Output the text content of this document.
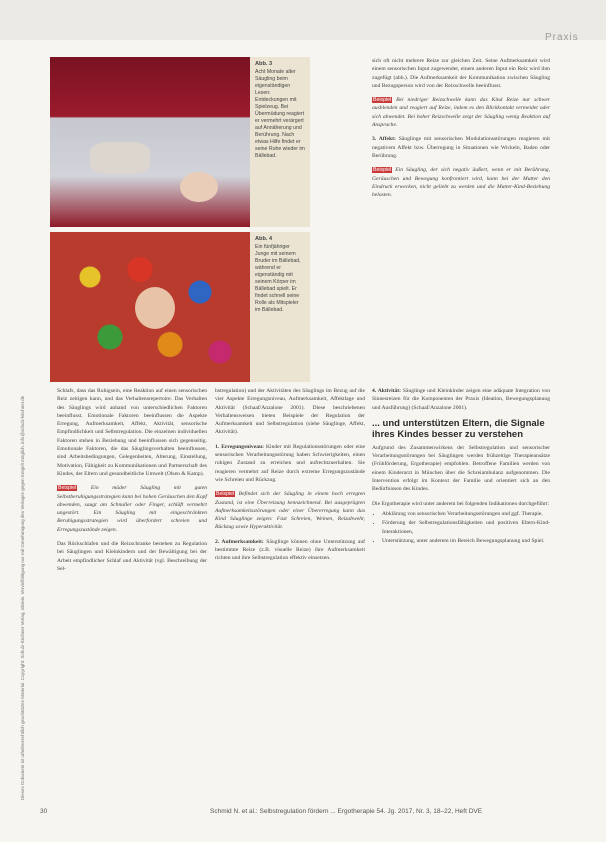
Praxis
Dieses Dokument ist urheberrechtlich geschütztes Material. Copyright: Schulz-Kirchner Verlag, Idstein. Vervielfältigung nur mit Genehmigung des Verlages gegen Entgelt möglich. info@schulz-kirchner.de
Abb. 3
Acht Monate alter Säugling beim eigenständigen Lesen: Entdeckungen mit Spielzeug. Bei Übermüdung reagiert er vermehrt verärgert auf Annäherung und Berührung. Nach etwas Hilfe findet er seine Ruhe wieder im Bällebad.
Abb. 4
Ein fünfjähriger Junge mit seinem Bruder im Bällebad, während er eigenständig mit seinem Körper im Bällebad spielt. Er findet schnell seine Rolle als Mitspieler im Bällebad.

Schlafs, dass das Ruhigsein, eine Reaktion auf einen sensorischen Reiz zeitigen kann, und das Verhaltensrepertoire. Das Verhalten des Säuglings wird anhand von unterschiedlichen Faktoren beeinflusst. Emotionale Faktoren beeinflussen die Aspekte Erregung, Aufmerksamkeit, Affekt, Aktivität, sensorische Empfindlichkeit und Selbstregulation. Die einzelnen individuellen Faktoren stehen in Beziehung und beeinflussen sich gegenseitig. Emotionale Faktoren, die das Säuglingsverhalten beeinflussen, sind Arbeitsbedingungen, Gelegenheiten, Alterung, Einstellung, Motivation, Fähigkeit zu Kommunikationen und Partnerschaft des Kindes, der Eltern und gesundheitliche Umwelt (Olsen & Kamp).

Beispiel	Ein müder Säugling mit guten Selbstberuhigungsstrategien kann bei hohen Geräuschen den Kopf abwenden, saugt am Schnuller oder Finger, schläft vermehrt ungestört. Ein Säugling mit eingeschränkten Beruhigungsstrategien wird überfordert schreien und Erregungszustände zeigen.

Das Rückschlafen und die Reizschranke bestehen zu Regulation bei Säuglingen und Kleinkindern und der Bewältigung bei der Arbeit empfindlicher Schlaf und Aktivität (vgl. Beschreibung der Sel-

bstregulation) und der Aktivitäten des Säuglings im Bezug auf die vier Aspekte Erregungsniveau, Aufmerksamkeit, Affektlage und Aktivität (Schaaf/Anzalone 2001). Diese beschriebenen Verhaltensweisen bieten Beispiele der Regulation der Aufmerksamkeit und Selbstregulation (siehe Säuglinge, Affekt, Aktivität).

1. Erregungsniveau: Kinder mit Regulationsstörungen oder eine sensorischen Verarbeitungsstörung haben Schwierigkeiten, einen ruhigen Zustand zu erreichen und aufrechtzuerhalten. Sie reagieren vermehrt auf Reize durch extreme Erregungszustände wie Schreien und Rückzug.

Beispiel Befindet sich der Säugling in einem hoch erregten Zustand, ist eine Überreizung kennzeichnend. Bei ausgeprägten Aufmerksamkeitsstörungen oder einer Übererregung kann das Kind Säuglinge zeigen: Fast Schreien, Weinen, Reizabwehr, Rückzug sowie Hyperaktivität.

2. Aufmerksamkeit: Säuglinge können ohne Unterstützung auf bestimmte Reize (z.B. visuelle Reize) ihre Aufmerksamkeit richten und ihre Selbstregulation effektiv einsetzen.

sich oft nicht mehrere Reize zur gleichen Zeit. Seine Aufmerksamkeit wird einem sensorischen Input zugewendet, einem anderen Input ein Reiz wird ihm zugefügt (abb.). Die Aufmerksamkeit der Kommunikation zwischen Säugling und Bezugsperson wird von der Reizschwelle beeinflusst.

Beispiel Bei niedriger Reizschwelle kann das Kind Reize nur schwer ausblenden und reagiert auf Reize, indem es den Blickkontakt vermeidet oder sich abwendet. Bei hoher Reizschwelle zeigt der Säugling wenig Reaktion auf Ansprache.

3. Affekt: Säuglinge mit sensorischen Modulationsstörungen reagieren mit negativem Affekt bzw. Überregung in Situationen wie Wickeln, Baden oder Berührung.

Beispiel Ein Säugling, der sich negativ äußert, wenn er mit Berührung, Geräuschen und Bewegung konfrontiert wird, kann bei der Mutter den Eindruck erwecken, nicht geliebt zu werden und die Mutter-Kind-Beziehung belasten.

4. Aktivität: Säuglinge und Kleinkinder zeigen eine adäquate Integration von Sinnesreizen für die Komponenten der Praxis (Ideation, Bewegungsplanung und Ausführung) (Schaaf/Anzalone 2001).

... und unterstützen Eltern, die Signale ihres Kindes besser zu verstehen

Aufgrund des Zusammenwirkens der Selbstregulation und sensorischer Verarbeitungsstörungen bei Säuglingen werden frühzeitige Therapieansätze (Frühförderung, Ergotherapie) empfohlen. Betroffene Familien werden von einem Kinderarzt in München über die Schreiambulanz aufgenommen. Die Intervention erfolgt im Kontext der Familie und orientiert sich an den Bedürfnissen des Kindes.

Die Ergotherapie wird unter anderem bei folgenden Indikationen durchgeführt:

• Abklärung von sensorischen Verarbeitungsstörungen und ggf. Therapie,
• Förderung der Selbstregulationsfähigkeiten und positiven Eltern-Kind-Interaktionen,
• Unterstützung, unter anderem im Bereich Bewegungsplanung und Spiel.
30	Schmid N. et al.: Selbstregulation fördern ... Ergotherapie 54. Jg. 2017, Nr. 3, 18–22, Heft DVE
